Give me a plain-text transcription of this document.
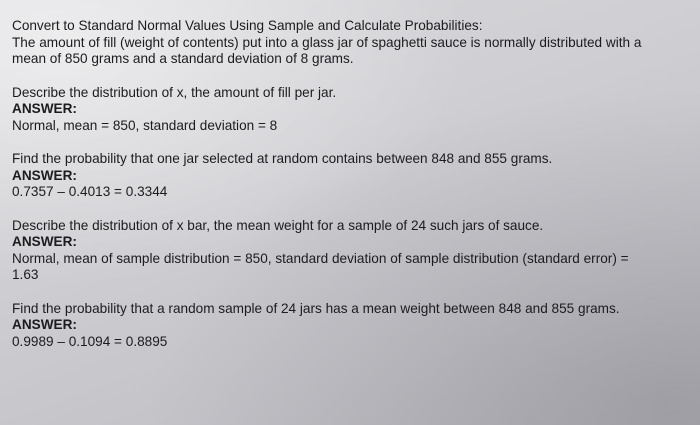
Convert to Standard Normal Values Using Sample and Calculate Probabilities:

The amount of fill (weight of contents) put into a glass jar of spaghetti sauce is normally distributed with a

mean of 850 grams and a standard deviation of 8 grams.

Describe the distribution of x, the amount of fill per jar.

ANSWER:

Normal, mean = 850, standard deviation = 8

Find the probability that one jar selected at random contains between 848 and 855 grams.

ANSWER:

0.7357 – 0.4013 = 0.3344

Describe the distribution of x bar, the mean weight for a sample of 24 such jars of sauce.

ANSWER:

Normal, mean of sample distribution = 850, standard deviation of sample distribution (standard error) =

1.63

Find the probability that a random sample of 24 jars has a mean weight between 848 and 855 grams.

ANSWER:

0.9989 – 0.1094 = 0.8895
